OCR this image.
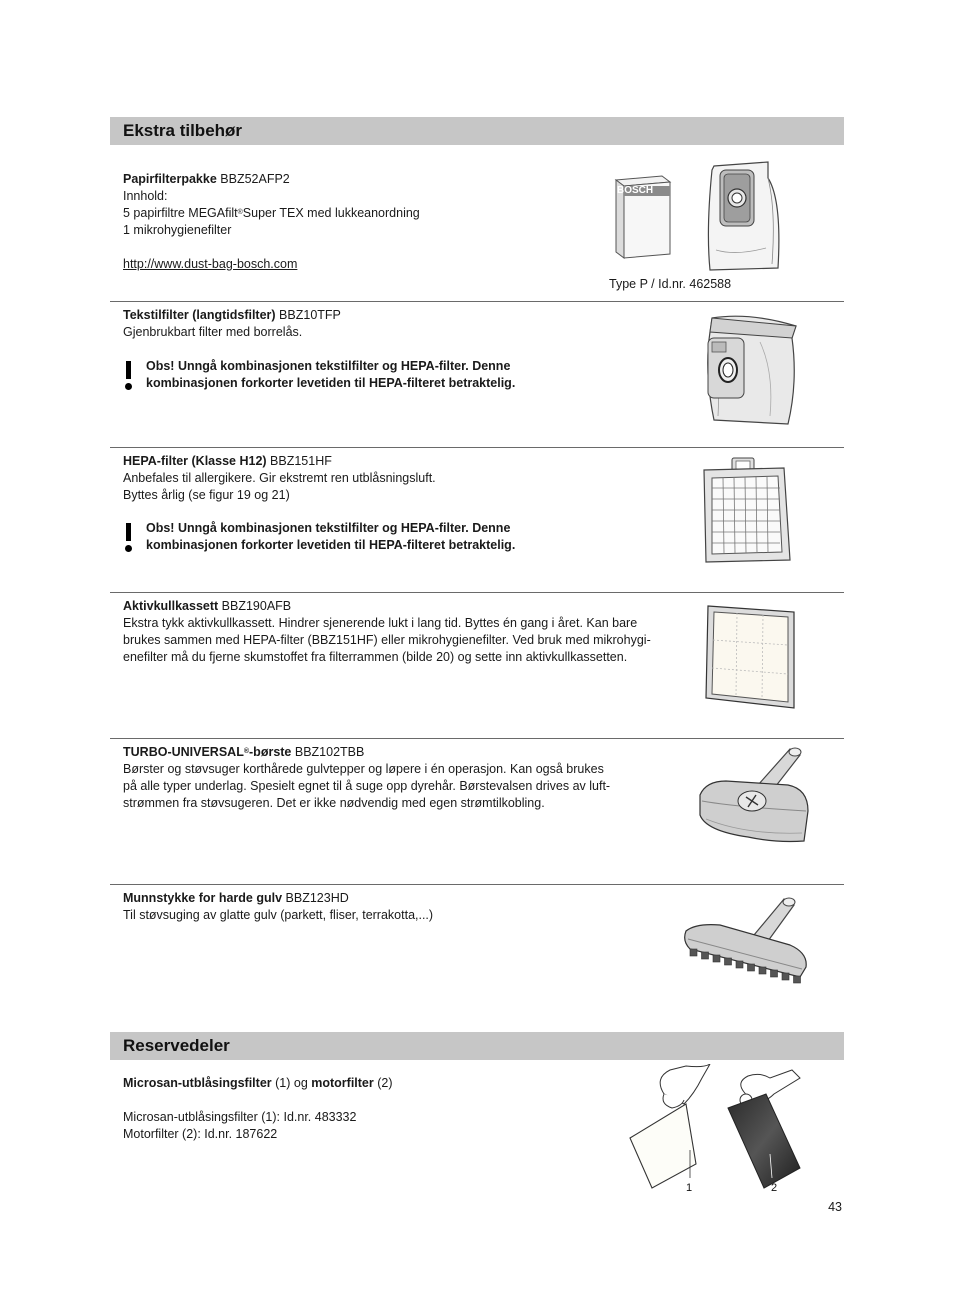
Ekstra tilbehør

Papirfilterpakke BBZ52AFP2

Innhold:

5 papirfiltre MEGAfilt®Super TEX med lukkeanordning

1 mikrohygienefilter

http://www.dust-bag-bosch.com

BOSCH
Type P / Id.nr. 462588

Tekstilfilter (langtidsfilter) BBZ10TFP

Gjenbrukbart filter med borrelås.

Obs! Unngå kombinasjonen tekstilfilter og HEPA-filter. Denne
kombinasjonen forkorter levetiden til HEPA-filteret betraktelig.

HEPA-filter (Klasse H12) BBZ151HF

Anbefales til allergikere. Gir ekstremt ren utblåsningsluft.

Byttes årlig (se figur 19 og 21)

Obs! Unngå kombinasjonen tekstilfilter og HEPA-filter. Denne
kombinasjonen forkorter levetiden til HEPA-filteret betraktelig.

Aktivkullkassett BBZ190AFB

Ekstra tykk aktivkullkassett. Hindrer sjenerende lukt i lang tid. Byttes én gang i året. Kan bare

brukes sammen med HEPA-filter (BBZ151HF) eller mikrohygienefilter. Ved bruk med mikrohygi-

enefilter må du fjerne skumstoffet fra filterrammen (bilde 20) og sette inn aktivkullkassetten.

TURBO-UNIVERSAL®-børste BBZ102TBB

Børster og støvsuger korthårede gulvtepper og løpere i én operasjon. Kan også brukes

på alle typer underlag. Spesielt egnet til å suge opp dyrehår. Børstevalsen drives av luft-

strømmen fra støvsugeren. Det er ikke nødvendig med egen strømtilkobling.

Munnstykke for harde gulv BBZ123HD

Til støvsuging av glatte gulv (parkett, fliser, terrakotta,...)

Reservedeler

Microsan-utblåsingsfilter (1) og motorfilter (2)

Microsan-utblåsingsfilter (1): Id.nr. 483332

Motorfilter (2): Id.nr. 187622

1	2
43
